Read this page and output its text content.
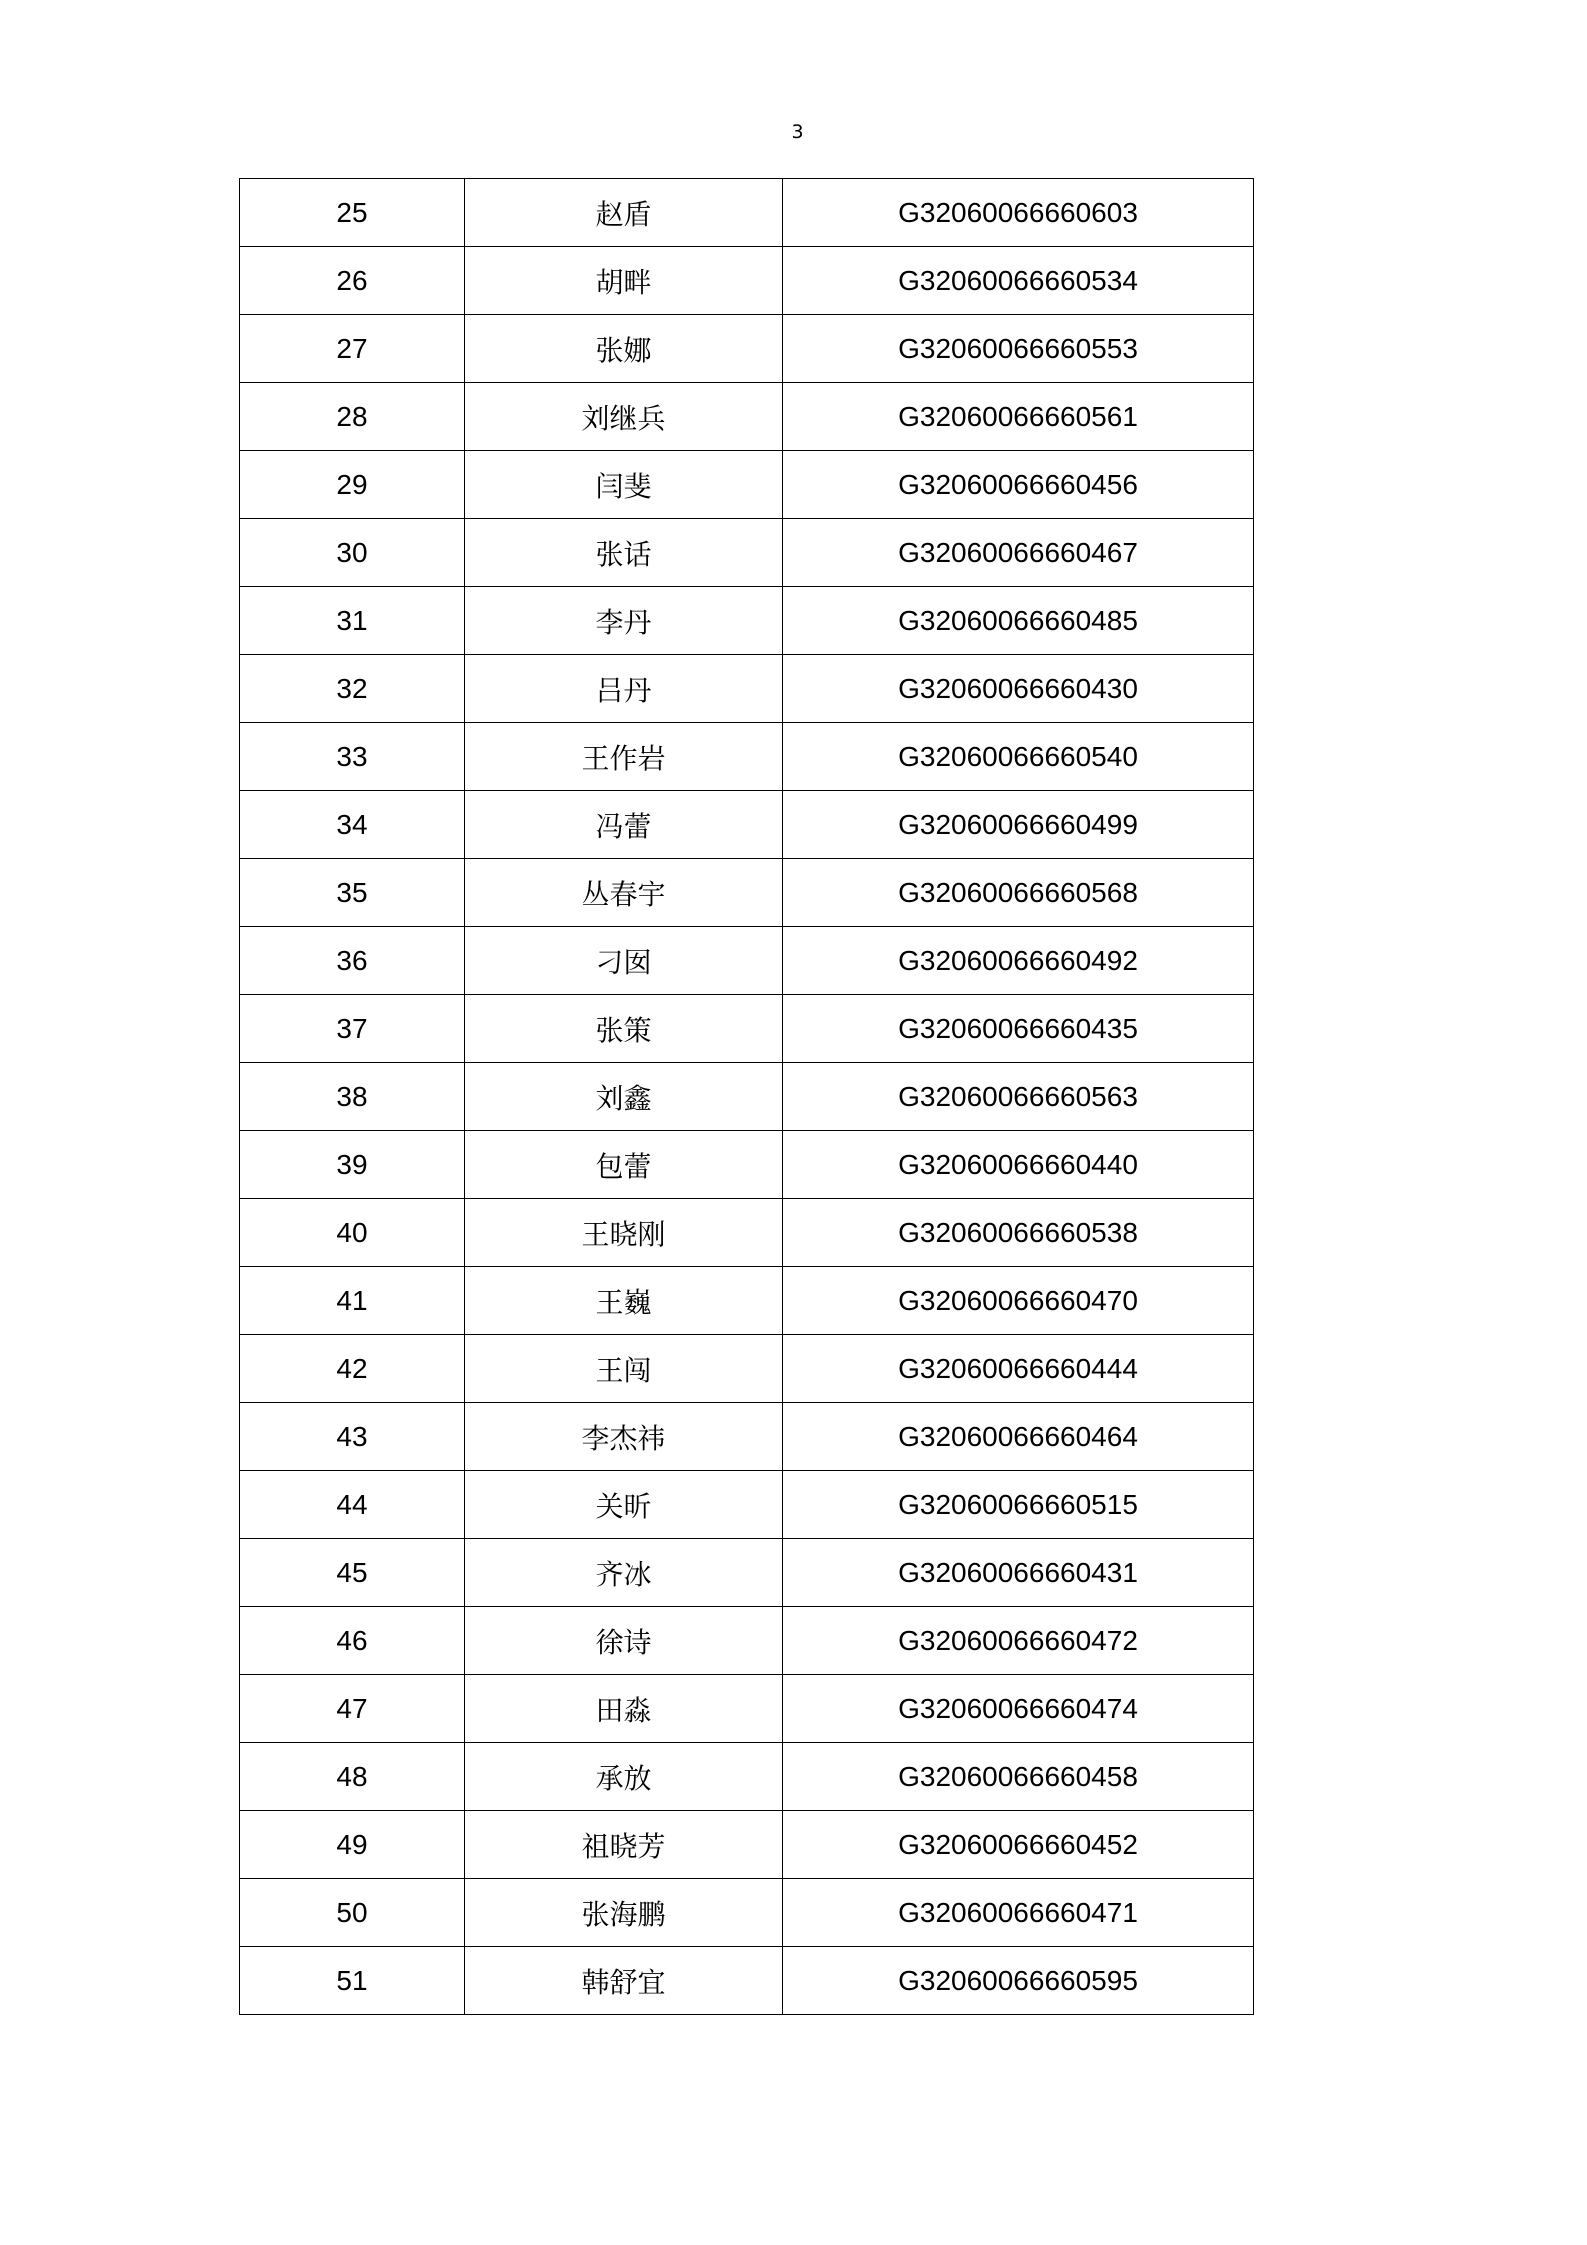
3
25	赵盾	G32060066660603
26	胡畔	G32060066660534
27	张娜	G32060066660553
28	刘继兵	G32060066660561
29	闫斐	G32060066660456
30	张话	G32060066660467
31	李丹	G32060066660485
32	吕丹	G32060066660430
33	王作岩	G32060066660540
34	冯蕾	G32060066660499
35	丛春宇	G32060066660568
36	刁囡	G32060066660492
37	张策	G32060066660435
38	刘鑫	G32060066660563
39	包蕾	G32060066660440
40	王晓刚	G32060066660538
41	王巍	G32060066660470
42	王闯	G32060066660444
43	李杰祎	G32060066660464
44	关昕	G32060066660515
45	齐冰	G32060066660431
46	徐诗	G32060066660472
47	田淼	G32060066660474
48	承放	G32060066660458
49	祖晓芳	G32060066660452
50	张海鹏	G32060066660471
51	韩舒宜	G32060066660595
